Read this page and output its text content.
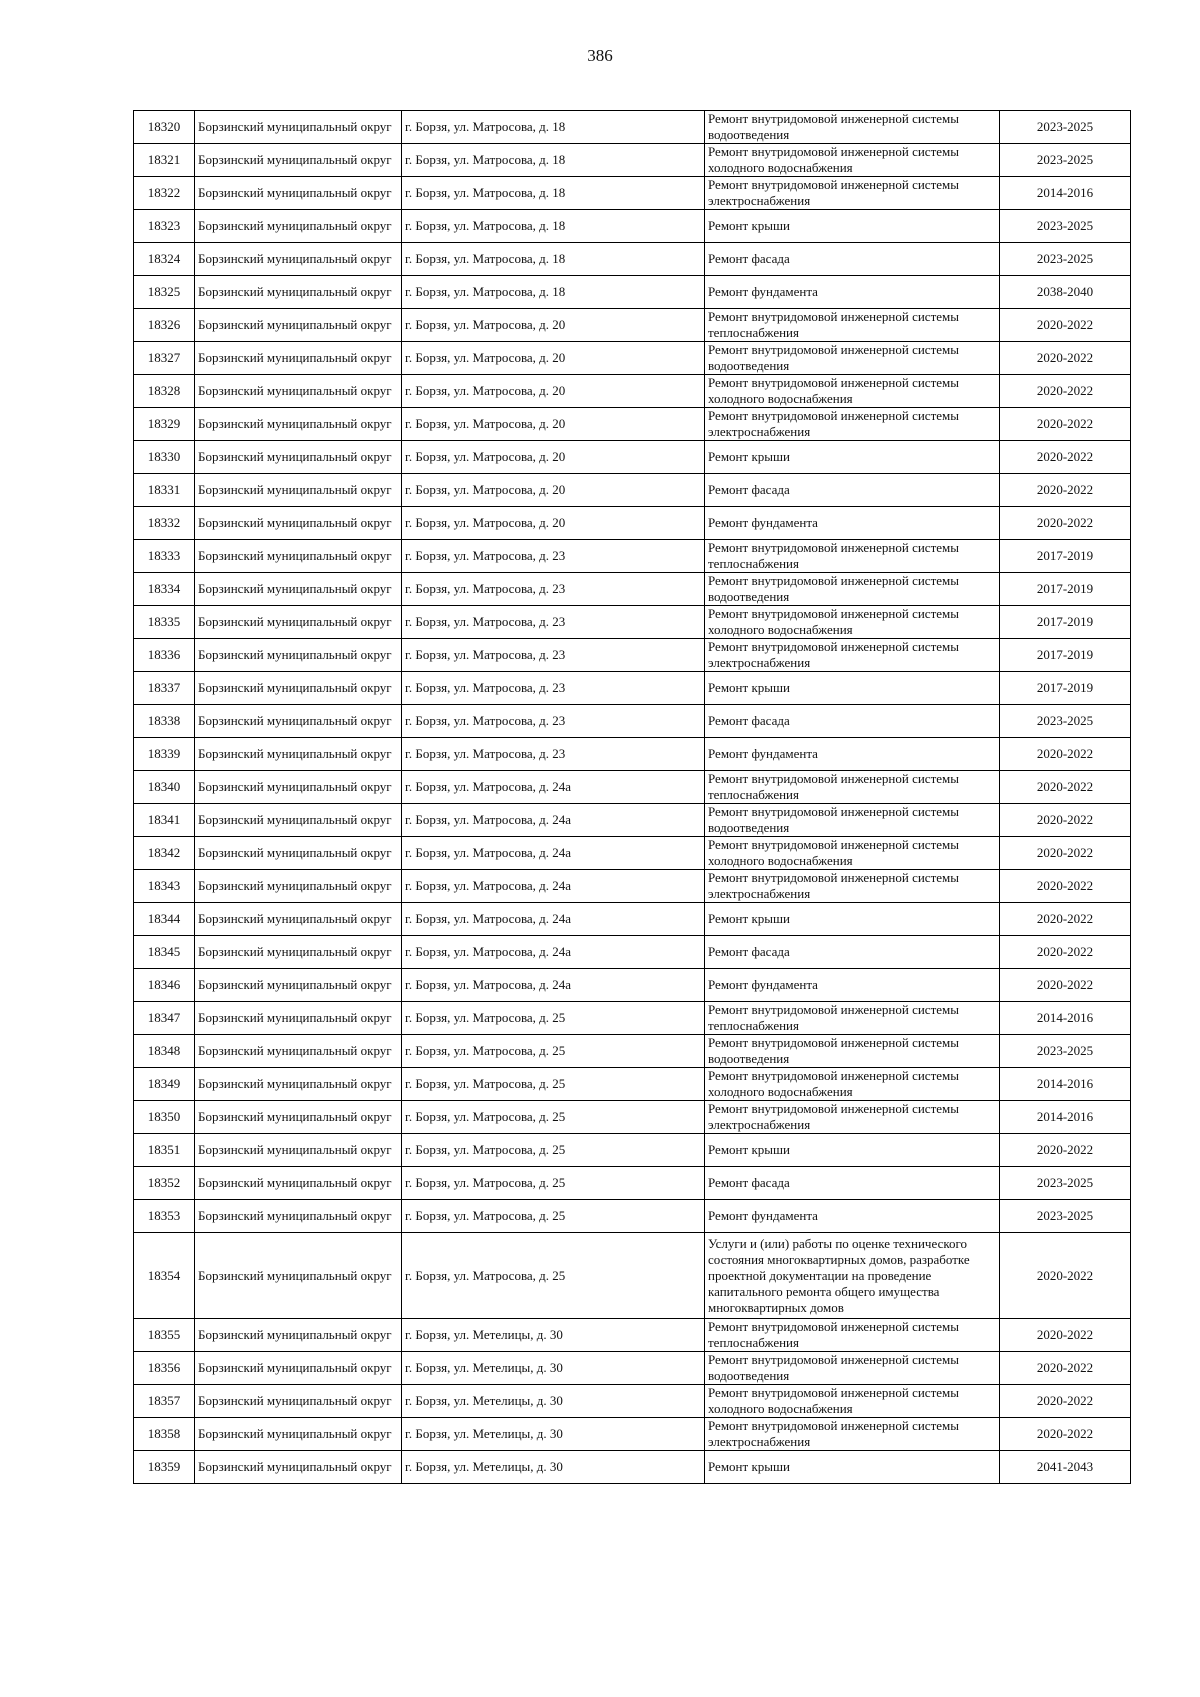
386
18320	Борзинский муниципальный округ	г. Борзя, ул. Матросова, д. 18	Ремонт внутридомовой инженерной системы водоотведения	2023-2025
18321	Борзинский муниципальный округ	г. Борзя, ул. Матросова, д. 18	Ремонт внутридомовой инженерной системы холодного водоснабжения	2023-2025
18322	Борзинский муниципальный округ	г. Борзя, ул. Матросова, д. 18	Ремонт внутридомовой инженерной системы электроснабжения	2014-2016
18323	Борзинский муниципальный округ	г. Борзя, ул. Матросова, д. 18	Ремонт крыши	2023-2025
18324	Борзинский муниципальный округ	г. Борзя, ул. Матросова, д. 18	Ремонт фасада	2023-2025
18325	Борзинский муниципальный округ	г. Борзя, ул. Матросова, д. 18	Ремонт фундамента	2038-2040
18326	Борзинский муниципальный округ	г. Борзя, ул. Матросова, д. 20	Ремонт внутридомовой инженерной системы теплоснабжения	2020-2022
18327	Борзинский муниципальный округ	г. Борзя, ул. Матросова, д. 20	Ремонт внутридомовой инженерной системы водоотведения	2020-2022
18328	Борзинский муниципальный округ	г. Борзя, ул. Матросова, д. 20	Ремонт внутридомовой инженерной системы холодного водоснабжения	2020-2022
18329	Борзинский муниципальный округ	г. Борзя, ул. Матросова, д. 20	Ремонт внутридомовой инженерной системы электроснабжения	2020-2022
18330	Борзинский муниципальный округ	г. Борзя, ул. Матросова, д. 20	Ремонт крыши	2020-2022
18331	Борзинский муниципальный округ	г. Борзя, ул. Матросова, д. 20	Ремонт фасада	2020-2022
18332	Борзинский муниципальный округ	г. Борзя, ул. Матросова, д. 20	Ремонт фундамента	2020-2022
18333	Борзинский муниципальный округ	г. Борзя, ул. Матросова, д. 23	Ремонт внутридомовой инженерной системы теплоснабжения	2017-2019
18334	Борзинский муниципальный округ	г. Борзя, ул. Матросова, д. 23	Ремонт внутридомовой инженерной системы водоотведения	2017-2019
18335	Борзинский муниципальный округ	г. Борзя, ул. Матросова, д. 23	Ремонт внутридомовой инженерной системы холодного водоснабжения	2017-2019
18336	Борзинский муниципальный округ	г. Борзя, ул. Матросова, д. 23	Ремонт внутридомовой инженерной системы электроснабжения	2017-2019
18337	Борзинский муниципальный округ	г. Борзя, ул. Матросова, д. 23	Ремонт крыши	2017-2019
18338	Борзинский муниципальный округ	г. Борзя, ул. Матросова, д. 23	Ремонт фасада	2023-2025
18339	Борзинский муниципальный округ	г. Борзя, ул. Матросова, д. 23	Ремонт фундамента	2020-2022
18340	Борзинский муниципальный округ	г. Борзя, ул. Матросова, д. 24а	Ремонт внутридомовой инженерной системы теплоснабжения	2020-2022
18341	Борзинский муниципальный округ	г. Борзя, ул. Матросова, д. 24а	Ремонт внутридомовой инженерной системы водоотведения	2020-2022
18342	Борзинский муниципальный округ	г. Борзя, ул. Матросова, д. 24а	Ремонт внутридомовой инженерной системы холодного водоснабжения	2020-2022
18343	Борзинский муниципальный округ	г. Борзя, ул. Матросова, д. 24а	Ремонт внутридомовой инженерной системы электроснабжения	2020-2022
18344	Борзинский муниципальный округ	г. Борзя, ул. Матросова, д. 24а	Ремонт крыши	2020-2022
18345	Борзинский муниципальный округ	г. Борзя, ул. Матросова, д. 24а	Ремонт фасада	2020-2022
18346	Борзинский муниципальный округ	г. Борзя, ул. Матросова, д. 24а	Ремонт фундамента	2020-2022
18347	Борзинский муниципальный округ	г. Борзя, ул. Матросова, д. 25	Ремонт внутридомовой инженерной системы теплоснабжения	2014-2016
18348	Борзинский муниципальный округ	г. Борзя, ул. Матросова, д. 25	Ремонт внутридомовой инженерной системы водоотведения	2023-2025
18349	Борзинский муниципальный округ	г. Борзя, ул. Матросова, д. 25	Ремонт внутридомовой инженерной системы холодного водоснабжения	2014-2016
18350	Борзинский муниципальный округ	г. Борзя, ул. Матросова, д. 25	Ремонт внутридомовой инженерной системы электроснабжения	2014-2016
18351	Борзинский муниципальный округ	г. Борзя, ул. Матросова, д. 25	Ремонт крыши	2020-2022
18352	Борзинский муниципальный округ	г. Борзя, ул. Матросова, д. 25	Ремонт фасада	2023-2025
18353	Борзинский муниципальный округ	г. Борзя, ул. Матросова, д. 25	Ремонт фундамента	2023-2025
18354	Борзинский муниципальный округ	г. Борзя, ул. Матросова, д. 25	Услуги и (или) работы по оценке технического состояния многоквартирных домов, разработке проектной документации на проведение капитального ремонта общего имущества многоквартирных домов	2020-2022
18355	Борзинский муниципальный округ	г. Борзя, ул. Метелицы, д. 30	Ремонт внутридомовой инженерной системы теплоснабжения	2020-2022
18356	Борзинский муниципальный округ	г. Борзя, ул. Метелицы, д. 30	Ремонт внутридомовой инженерной системы водоотведения	2020-2022
18357	Борзинский муниципальный округ	г. Борзя, ул. Метелицы, д. 30	Ремонт внутридомовой инженерной системы холодного водоснабжения	2020-2022
18358	Борзинский муниципальный округ	г. Борзя, ул. Метелицы, д. 30	Ремонт внутридомовой инженерной системы электроснабжения	2020-2022
18359	Борзинский муниципальный округ	г. Борзя, ул. Метелицы, д. 30	Ремонт крыши	2041-2043
